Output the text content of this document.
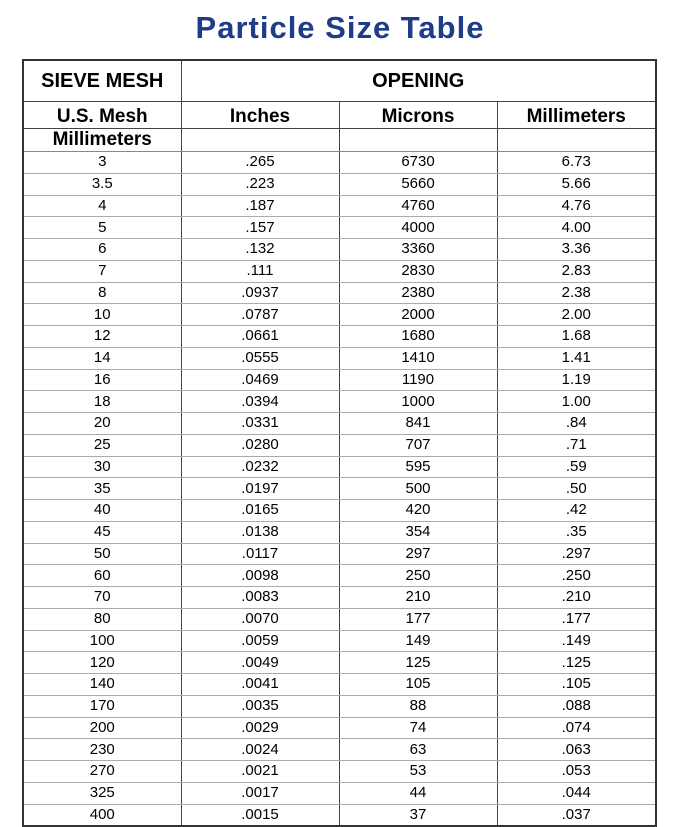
Particle Size Table
SIEVE MESH	OPENING		
U.S. Mesh	Inches	Microns	Millimeters
Millimeters			
3	.265	6730	6.73
3.5	.223	5660	5.66
4	.187	4760	4.76
5	.157	4000	4.00
6	.132	3360	3.36
7	.111	2830	2.83
8	.0937	2380	2.38
10	.0787	2000	2.00
12	.0661	1680	1.68
14	.0555	1410	1.41
16	.0469	1190	1.19
18	.0394	1000	1.00
20	.0331	841	.84
25	.0280	707	.71
30	.0232	595	.59
35	.0197	500	.50
40	.0165	420	.42
45	.0138	354	.35
50	.0117	297	.297
60	.0098	250	.250
70	.0083	210	.210
80	.0070	177	.177
100	.0059	149	.149
120	.0049	125	.125
140	.0041	105	.105
170	.0035	88	.088
200	.0029	74	.074
230	.0024	63	.063
270	.0021	53	.053
325	.0017	44	.044
400	.0015	37	.037
